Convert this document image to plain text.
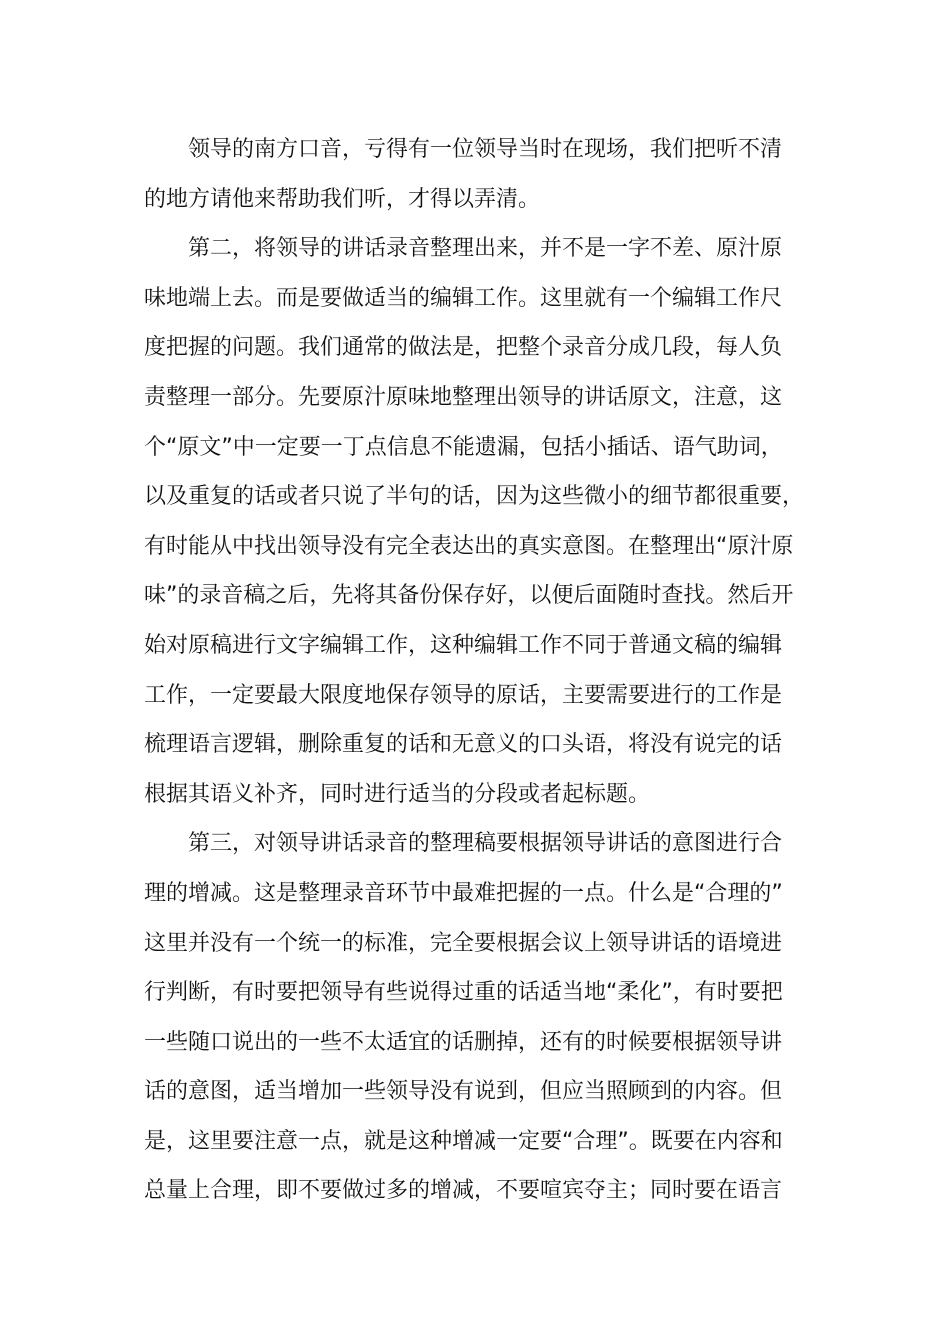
领导的南方口音，亏得有一位领导当时在现场，我们把听不清
的地方请他来帮助我们听，才得以弄清。
第二，将领导的讲话录音整理出来，并不是一字不差、原汁原
味地端上去。而是要做适当的编辑工作。这里就有一个编辑工作尺
度把握的问题。我们通常的做法是，把整个录音分成几段，每人负
责整理一部分。先要原汁原味地整理出领导的讲话原文，注意，这
个“原文”中一定要一丁点信息不能遗漏，包括小插话、语气助词，
以及重复的话或者只说了半句的话，因为这些微小的细节都很重要，
有时能从中找出领导没有完全表达出的真实意图。在整理出“原汁原
味”的录音稿之后，先将其备份保存好，以便后面随时查找。然后开
始对原稿进行文字编辑工作，这种编辑工作不同于普通文稿的编辑
工作，一定要最大限度地保存领导的原话，主要需要进行的工作是
梳理语言逻辑，删除重复的话和无意义的口头语，将没有说完的话
根据其语义补齐，同时进行适当的分段或者起标题。
第三，对领导讲话录音的整理稿要根据领导讲话的意图进行合
理的增减。这是整理录音环节中最难把握的一点。什么是“合理的”
这里并没有一个统一的标准，完全要根据会议上领导讲话的语境进
行判断，有时要把领导有些说得过重的话适当地“柔化”，有时要把
一些随口说出的一些不太适宜的话删掉，还有的时候要根据领导讲
话的意图，适当增加一些领导没有说到，但应当照顾到的内容。但
是，这里要注意一点，就是这种增减一定要“合理”。既要在内容和
总量上合理，即不要做过多的增减，不要喧宾夺主；同时要在语言
